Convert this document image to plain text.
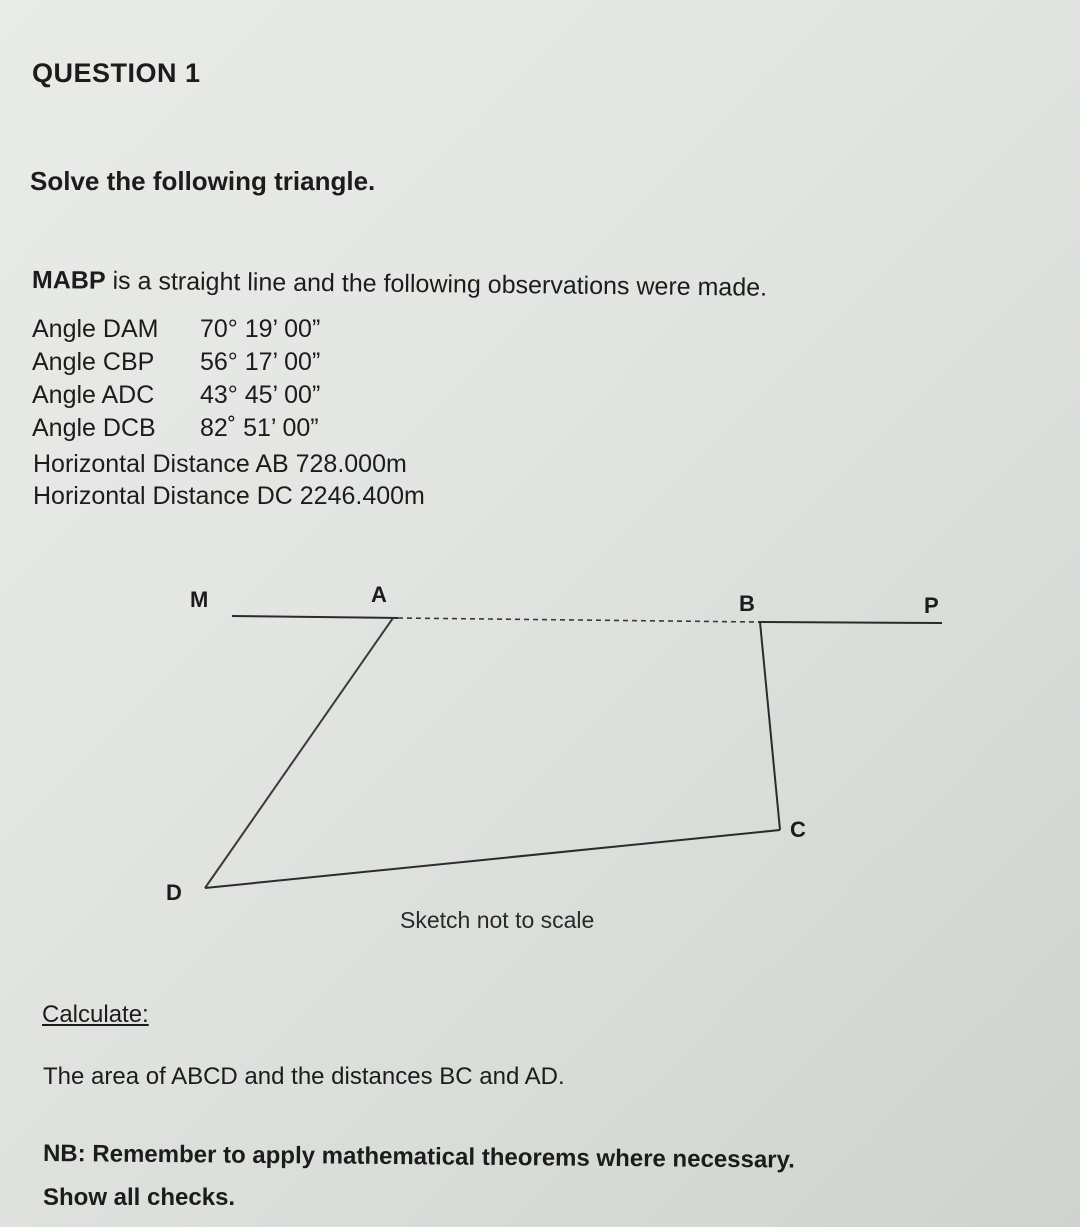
QUESTION 1

Solve the following triangle.

MABP is a straight line and the following observations were made.

Angle DAM	70° 19’ 00”
Angle CBP	56° 17’ 00”
Angle ADC	43° 45’ 00”
Angle DCB	82˚ 51’ 00”

Horizontal Distance AB 728.000m

Horizontal Distance DC 2246.400m

M	A	B	P
C
D
Sketch not to scale

Calculate:

The area of ABCD and the distances BC and AD.

NB: Remember to apply mathematical theorems where necessary.

Show all checks.
